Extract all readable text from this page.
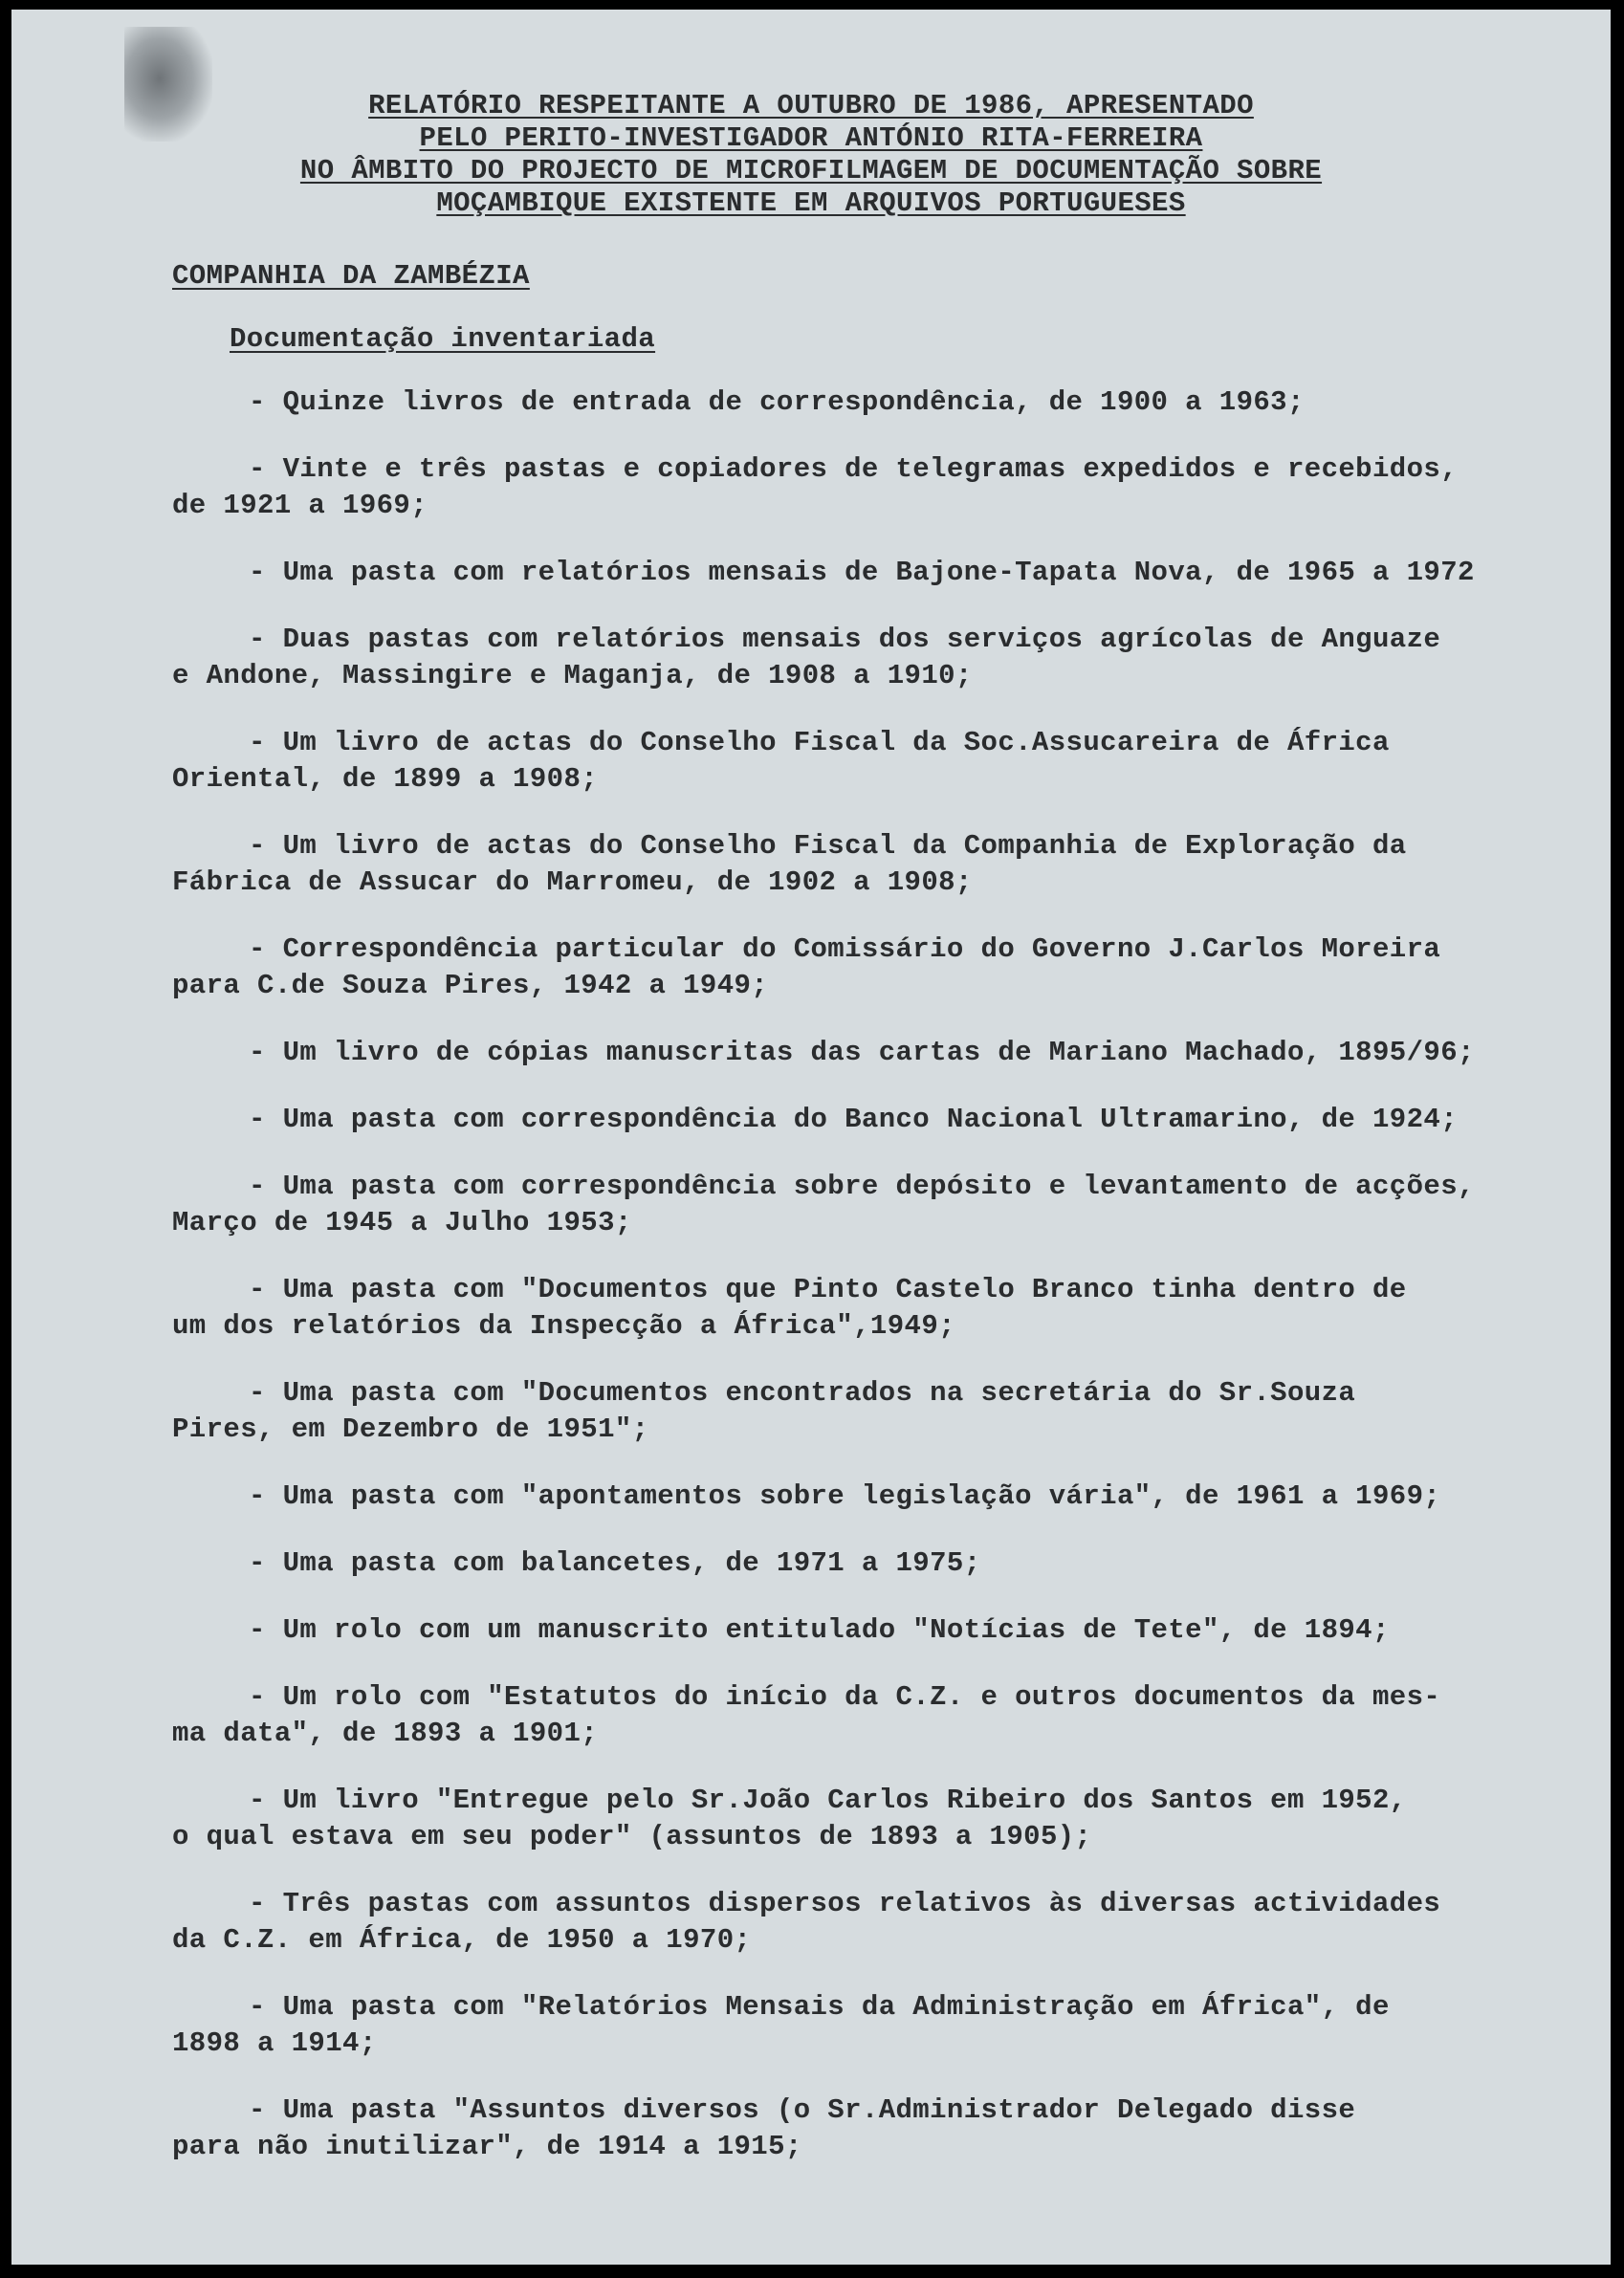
RELATÓRIO RESPEITANTE A OUTUBRO DE 1986, APRESENTADO
PELO PERITO-INVESTIGADOR ANTÓNIO RITA-FERREIRA
NO ÂMBITO DO PROJECTO DE MICROFILMAGEM DE DOCUMENTAÇÃO SOBRE
MOÇAMBIQUE EXISTENTE EM ARQUIVOS PORTUGUESES
COMPANHIA DA ZAMBÉZIA
Documentação inventariada
- Quinze livros de entrada de correspondência, de 1900 a 1963;
- Vinte e três pastas e copiadores de telegramas expedidos e recebidos,
de 1921 a 1969;
- Uma pasta com relatórios mensais de Bajone-Tapata Nova, de 1965 a 1972
- Duas pastas com relatórios mensais dos serviços agrícolas de Anguaze
e Andone, Massingire e Maganja, de 1908 a 1910;
- Um livro de actas do Conselho Fiscal da Soc.Assucareira de África
Oriental, de 1899 a 1908;
- Um livro de actas do Conselho Fiscal da Companhia de Exploração da
Fábrica de Assucar do Marromeu, de 1902 a 1908;
- Correspondência particular do Comissário do Governo J.Carlos Moreira
para C.de Souza Pires, 1942 a 1949;
- Um livro de cópias manuscritas das cartas de Mariano Machado, 1895/96;
- Uma pasta com correspondência do Banco Nacional Ultramarino, de 1924;
- Uma pasta com correspondência sobre depósito e levantamento de acções,
Março de 1945 a Julho 1953;
- Uma pasta com "Documentos que Pinto Castelo Branco tinha dentro de
um dos relatórios da Inspecção a África",1949;
- Uma pasta com "Documentos encontrados na secretária do Sr.Souza
Pires, em Dezembro de 1951";
- Uma pasta com "apontamentos sobre legislação vária", de 1961 a 1969;
- Uma pasta com balancetes, de 1971 a 1975;
- Um rolo com um manuscrito entitulado "Notícias de Tete", de 1894;
- Um rolo com "Estatutos do início da C.Z. e outros documentos da mes-
ma data", de 1893 a 1901;
- Um livro "Entregue pelo Sr.João Carlos Ribeiro dos Santos em 1952,
o qual estava em seu poder" (assuntos de 1893 a 1905);
- Três pastas com assuntos dispersos relativos às diversas actividades
da C.Z. em África, de 1950 a 1970;
- Uma pasta com "Relatórios Mensais da Administração em África", de
1898 a 1914;
- Uma pasta "Assuntos diversos (o Sr.Administrador Delegado disse
para não inutilizar", de 1914 a 1915;
